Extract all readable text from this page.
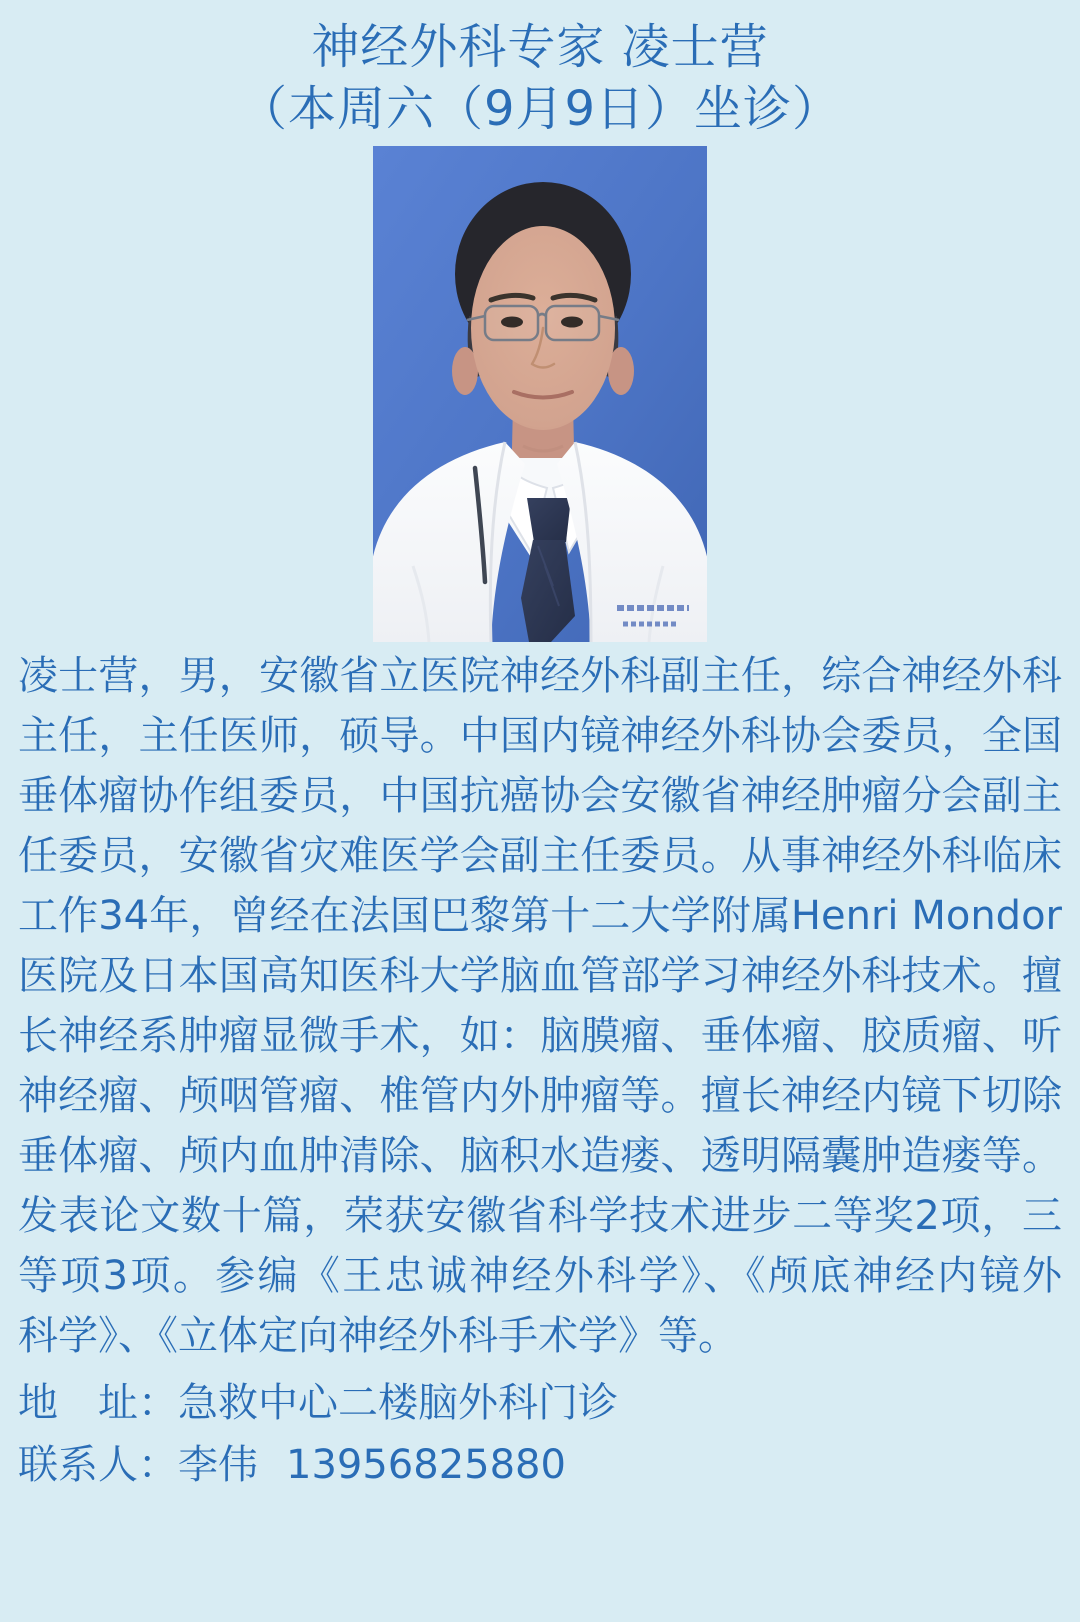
神经外科专家 凌士营
（本周六（9月9日）坐诊）
凌士营，男，安徽省立医院神经外科副主任，综合神经外科
主任，主任医师，硕导。中国内镜神经外科协会委员，全国
垂体瘤协作组委员，中国抗癌协会安徽省神经肿瘤分会副主
任委员，安徽省灾难医学会副主任委员。从事神经外科临床
工作34年，曾经在法国巴黎第十二大学附属Henri Mondor
医院及日本国高知医科大学脑血管部学习神经外科技术。擅
长神经系肿瘤显微手术，如：脑膜瘤、垂体瘤、胶质瘤、听
神经瘤、颅咽管瘤、椎管内外肿瘤等。擅长神经内镜下切除
垂体瘤、颅内血肿清除、脑积水造瘘、透明隔囊肿造瘘等。
发表论文数十篇，荣获安徽省科学技术进步二等奖2项，三
等项3项。参编《王忠诚神经外科学》、《颅底神经内镜外
科学》、《立体定向神经外科手术学》等。
地　址：急救中心二楼脑外科门诊
联系人：李伟 13956825880
